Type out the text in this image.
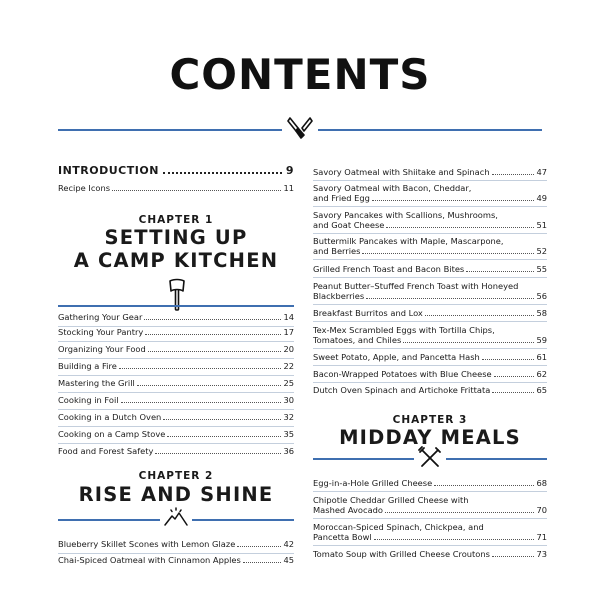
CONTENTS
INTRODUCTION	9
Recipe Icons	11
CHAPTER 1
SETTING UP
A CAMP KITCHEN
Gathering Your Gear	14
Stocking Your Pantry	17
Organizing Your Food	20
Building a Fire	22
Mastering the Grill	25
Cooking in Foil	30
Cooking in a Dutch Oven	32
Cooking on a Camp Stove	35
Food and Forest Safety	36
CHAPTER 2
RISE AND SHINE
Blueberry Skillet Scones with Lemon Glaze	42
Chai-Spiced Oatmeal with Cinnamon Apples	45
Savory Oatmeal with Shiitake and Spinach	47
Savory Oatmeal with Bacon, Cheddar,
and Fried Egg	49
Savory Pancakes with Scallions, Mushrooms,
and Goat Cheese	51
Buttermilk Pancakes with Maple, Mascarpone,
and Berries	52
Grilled French Toast and Bacon Bites	55
Peanut Butter–Stuffed French Toast with Honeyed
Blackberries	56
Breakfast Burritos and Lox	58
Tex-Mex Scrambled Eggs with Tortilla Chips,
Tomatoes, and Chiles	59
Sweet Potato, Apple, and Pancetta Hash	61
Bacon-Wrapped Potatoes with Blue Cheese	62
Dutch Oven Spinach and Artichoke Frittata	65
CHAPTER 3
MIDDAY MEALS
Egg-in-a-Hole Grilled Cheese	68
Chipotle Cheddar Grilled Cheese with
Mashed Avocado	70
Moroccan-Spiced Spinach, Chickpea, and
Pancetta Bowl	71
Tomato Soup with Grilled Cheese Croutons	73
